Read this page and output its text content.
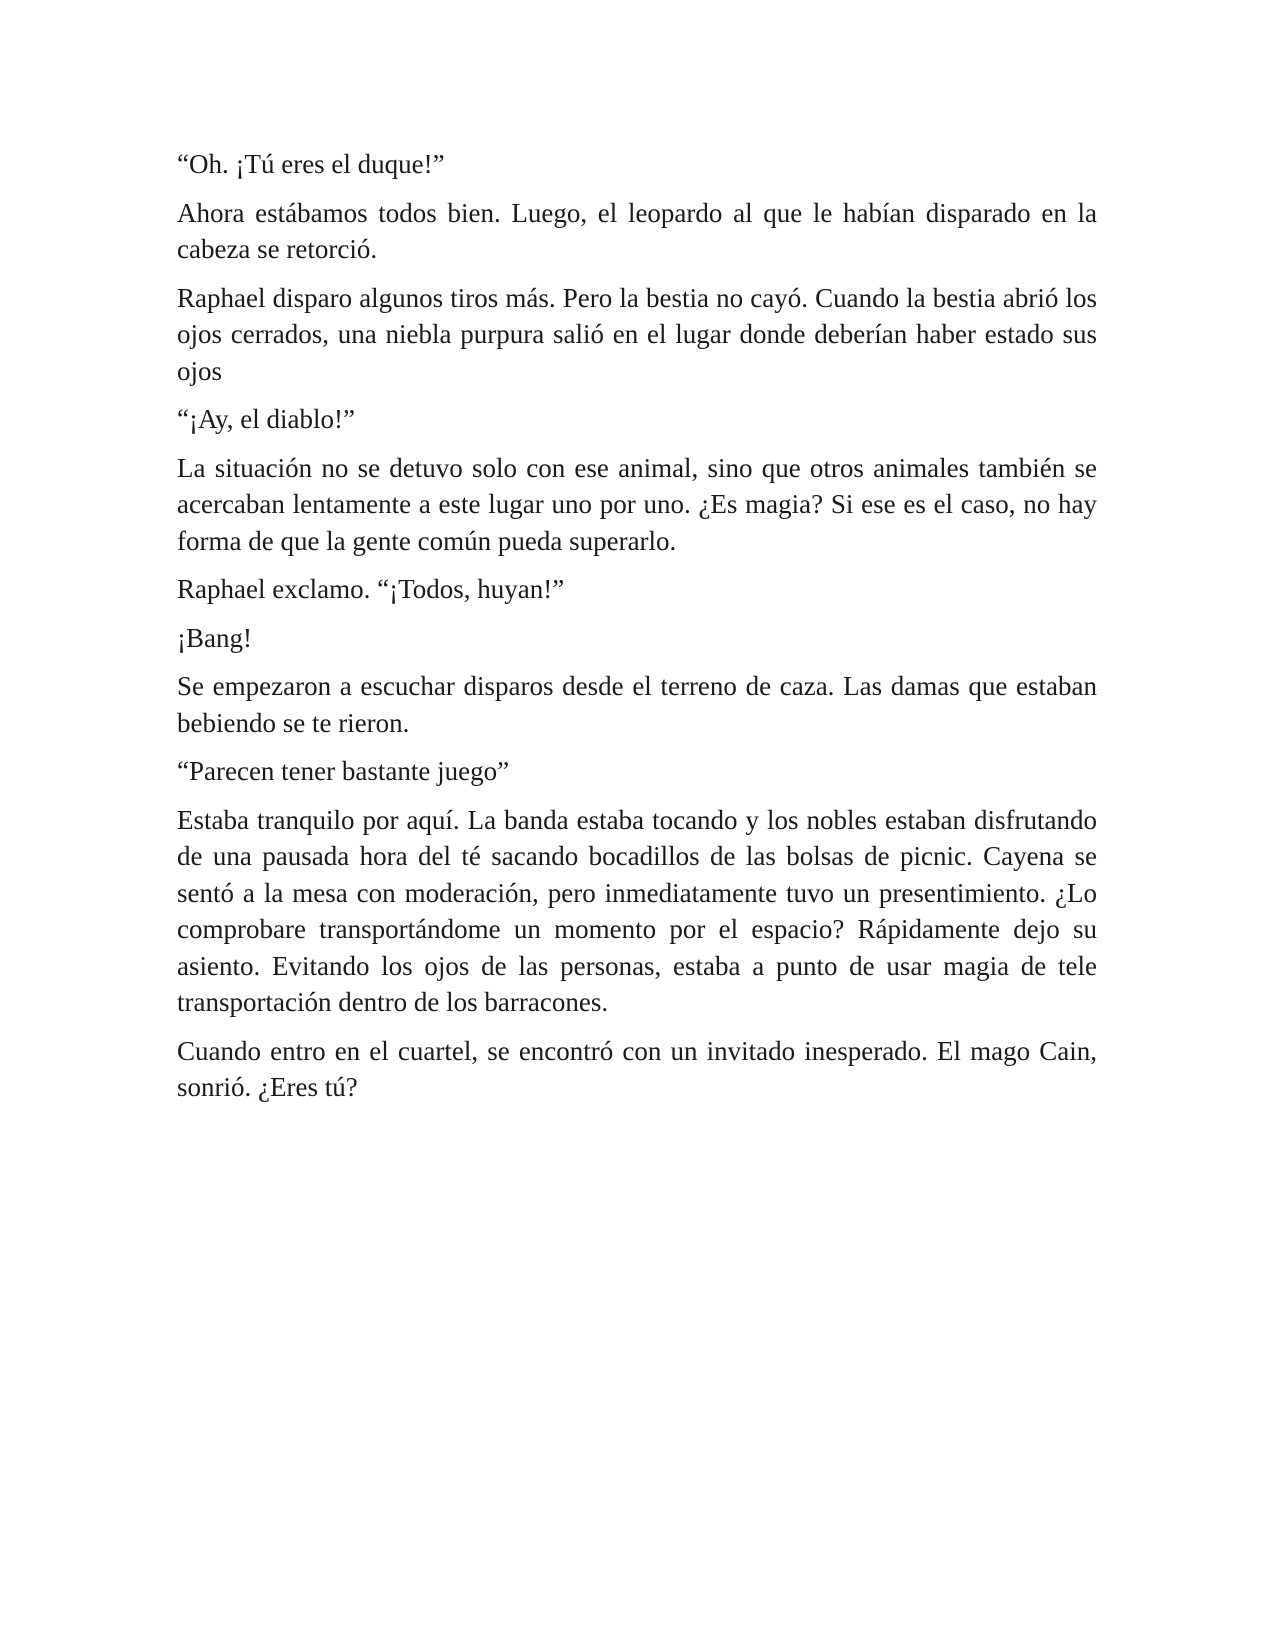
“Oh. ¡Tú eres el duque!”

Ahora estábamos todos bien. Luego, el leopardo al que le habían disparado en la cabeza se retorció.

Raphael disparo algunos tiros más. Pero la bestia no cayó. Cuando la bestia abrió los ojos cerrados, una niebla purpura salió en el lugar donde deberían haber estado sus ojos

“¡Ay, el diablo!”

La situación no se detuvo solo con ese animal, sino que otros animales también se acercaban lentamente a este lugar uno por uno. ¿Es magia? Si ese es el caso, no hay forma de que la gente común pueda superarlo.

Raphael exclamo. “¡Todos, huyan!”

¡Bang!

Se empezaron a escuchar disparos desde el terreno de caza. Las damas que estaban bebiendo se te rieron.

“Parecen tener bastante juego”

Estaba tranquilo por aquí. La banda estaba tocando y los nobles estaban disfrutando de una pausada hora del té sacando bocadillos de las bolsas de picnic. Cayena se sentó a la mesa con moderación, pero inmediatamente tuvo un presentimiento. ¿Lo comprobare transportándome un momento por el espacio? Rápidamente dejo su asiento. Evitando los ojos de las personas, estaba a punto de usar magia de tele transportación dentro de los barracones.

Cuando entro en el cuartel, se encontró con un invitado inesperado. El mago Cain, sonrió. ¿Eres tú?
